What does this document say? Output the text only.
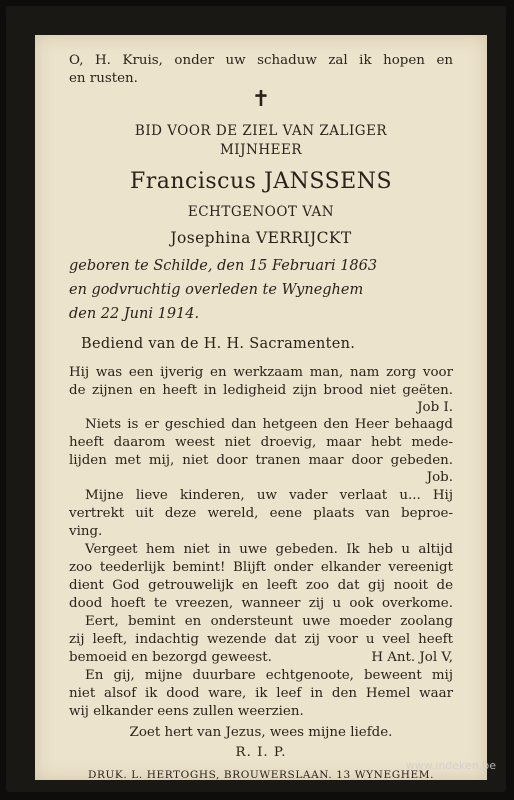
O, H. Kruis, onder uw schaduw zal ik hopen en
en rusten.
✝
BID VOOR DE ZIEL VAN ZALIGER
MIJNHEER
Franciscus JANSSENS
ECHTGENOOT VAN
Josephina VERRIJCKT
geboren te Schilde, den 15 Februari 1863
en godvruchtig overleden te Wyneghem
den 22 Juni 1914.
Bediend van de H. H. Sacramenten.
Hij was een ijverig en werkzaam man, nam zorg voor
de zijnen en heeft in ledigheid zijn brood niet geëten.
Job I.
Niets is er geschied dan hetgeen den Heer behaagd
heeft daarom weest niet droevig, maar hebt mede-
lijden met mij, niet door tranen maar door gebeden.
Job.
Mijne lieve kinderen, uw vader verlaat u... Hij
vertrekt uit deze wereld, eene plaats van beproe-
ving.
Vergeet hem niet in uwe gebeden. Ik heb u altijd
zoo teederlijk bemint! Blijft onder elkander vereenigt
dient God getrouwelijk en leeft zoo dat gij nooit de
dood hoeft te vreezen, wanneer zij u ook overkome.
Eert, bemint en ondersteunt uwe moeder zoolang
zij leeft, indachtig wezende dat zij voor u veel heeft
bemoeid en bezorgd geweest.	H Ant. Jol V,
En gij, mijne duurbare echtgenoote, beweent mij
niet alsof ik dood ware, ik leef in den Hemel waar
wij elkander eens zullen weerzien.
Zoet hert van Jezus, wees mijne liefde.
R. I. P.
DRUK. L. HERTOGHS, BROUWERSLAAN. 13 WYNEGHEM.
www.indeken.be
